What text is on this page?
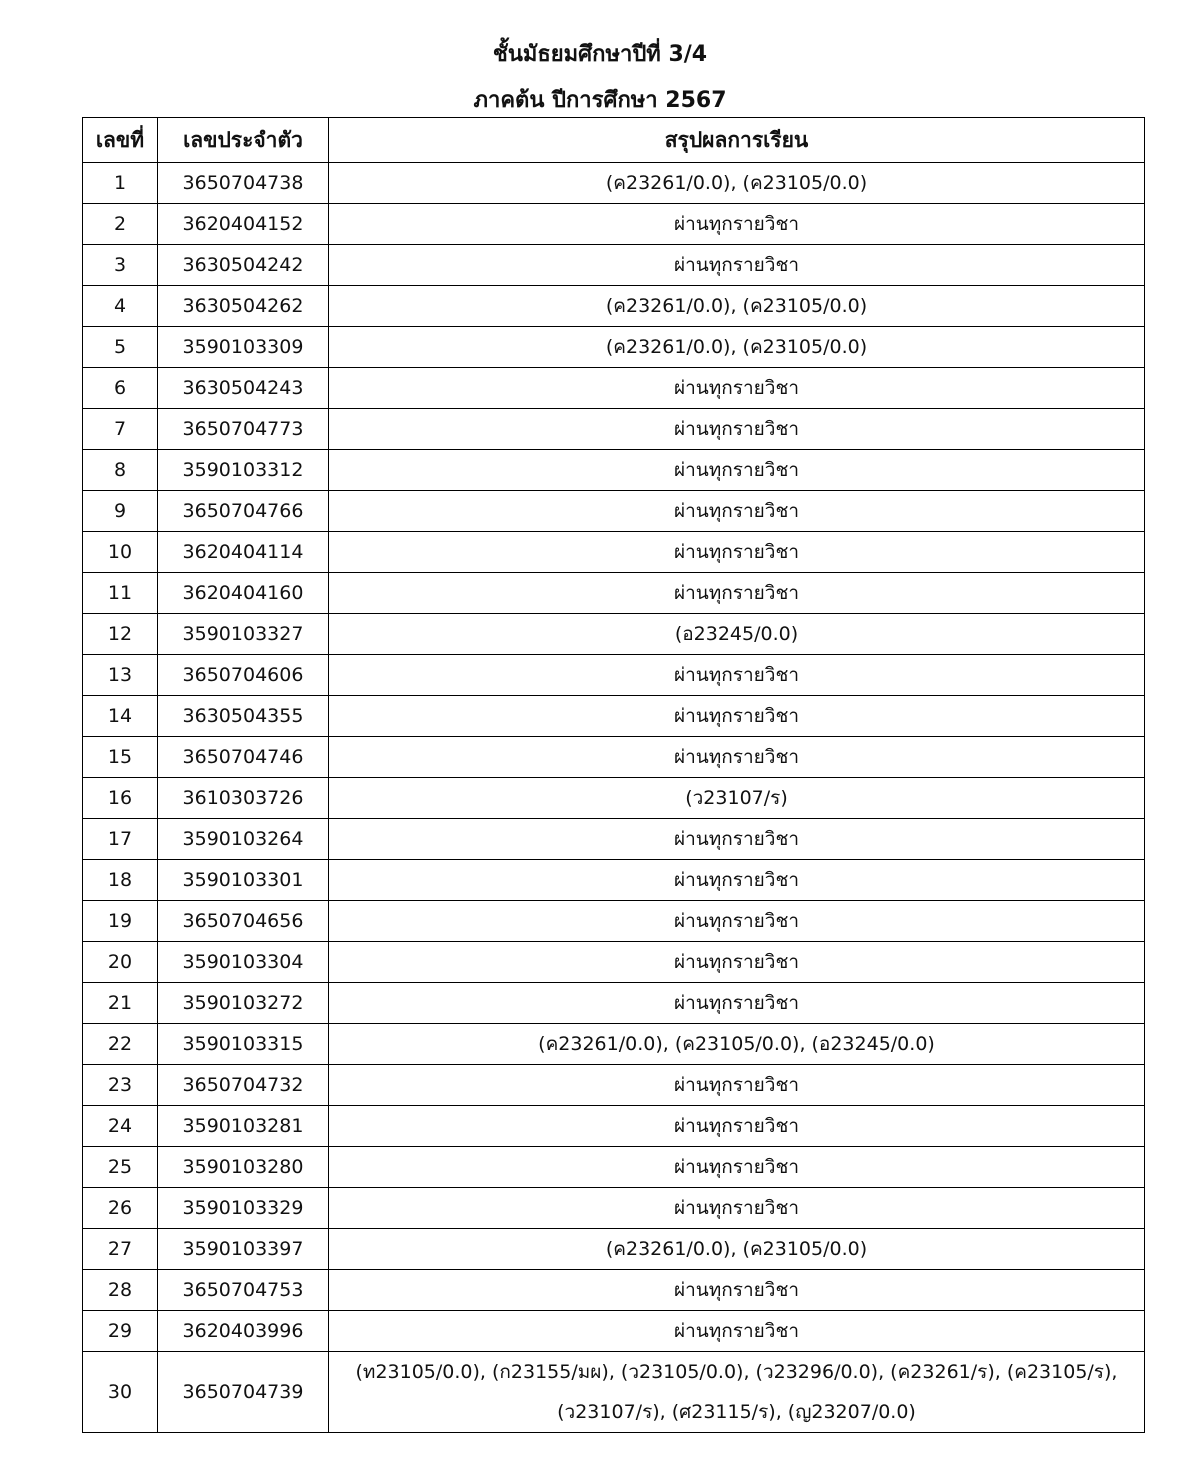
ชั้นมัธยมศึกษาปีที่ 3/4
ภาคต้น ปีการศึกษา 2567
เลขที่	เลขประจำตัว	สรุปผลการเรียน
1	3650704738	(ค23261/0.0), (ค23105/0.0)
2	3620404152	ผ่านทุกรายวิชา
3	3630504242	ผ่านทุกรายวิชา
4	3630504262	(ค23261/0.0), (ค23105/0.0)
5	3590103309	(ค23261/0.0), (ค23105/0.0)
6	3630504243	ผ่านทุกรายวิชา
7	3650704773	ผ่านทุกรายวิชา
8	3590103312	ผ่านทุกรายวิชา
9	3650704766	ผ่านทุกรายวิชา
10	3620404114	ผ่านทุกรายวิชา
11	3620404160	ผ่านทุกรายวิชา
12	3590103327	(อ23245/0.0)
13	3650704606	ผ่านทุกรายวิชา
14	3630504355	ผ่านทุกรายวิชา
15	3650704746	ผ่านทุกรายวิชา
16	3610303726	(ว23107/ร)
17	3590103264	ผ่านทุกรายวิชา
18	3590103301	ผ่านทุกรายวิชา
19	3650704656	ผ่านทุกรายวิชา
20	3590103304	ผ่านทุกรายวิชา
21	3590103272	ผ่านทุกรายวิชา
22	3590103315	(ค23261/0.0), (ค23105/0.0), (อ23245/0.0)
23	3650704732	ผ่านทุกรายวิชา
24	3590103281	ผ่านทุกรายวิชา
25	3590103280	ผ่านทุกรายวิชา
26	3590103329	ผ่านทุกรายวิชา
27	3590103397	(ค23261/0.0), (ค23105/0.0)
28	3650704753	ผ่านทุกรายวิชา
29	3620403996	ผ่านทุกรายวิชา
30	3650704739	(ท23105/0.0), (ก23155/มผ), (ว23105/0.0), (ว23296/0.0), (ค23261/ร), (ค23105/ร), (ว23107/ร), (ศ23115/ร), (ญ23207/0.0)
